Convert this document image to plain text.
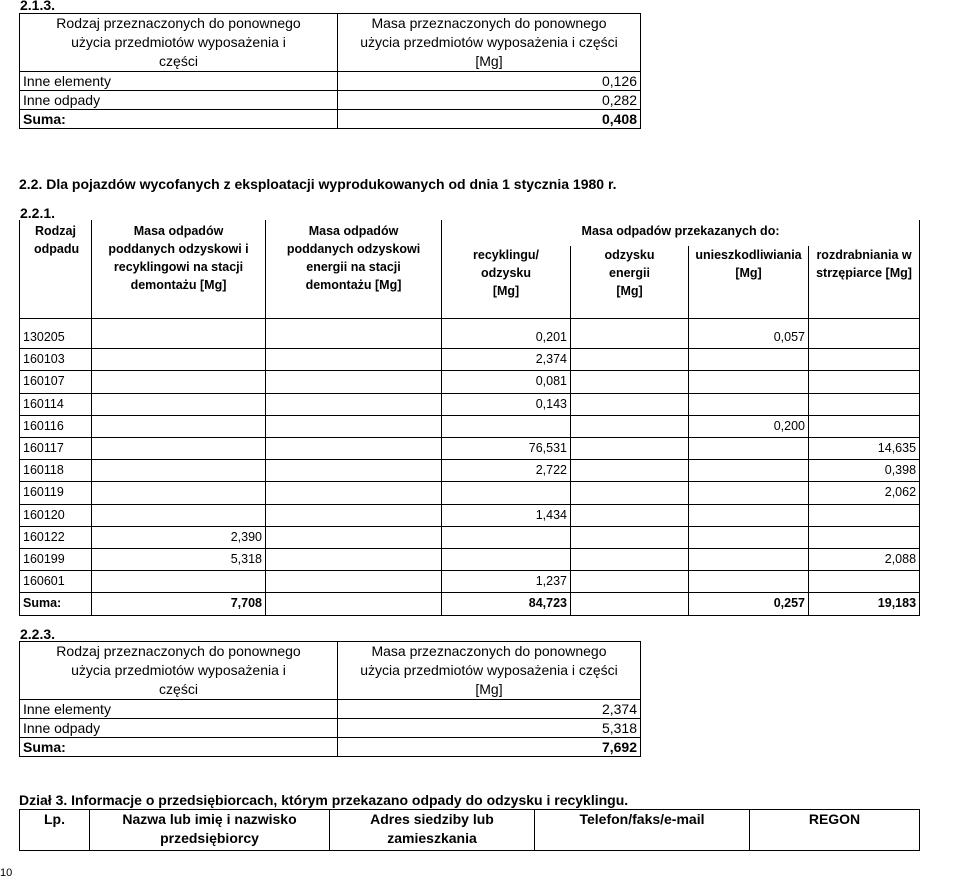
2.1.3.
Rodzaj przeznaczonych do ponownego użycia przedmiotów wyposażenia i części	Masa przeznaczonych do ponownego użycia przedmiotów wyposażenia i części
[Mg]
Inne elementy	0,126
Inne odpady	0,282
Suma:	0,408
2.2. Dla pojazdów wycofanych z eksploatacji wyprodukowanych od dnia 1 stycznia 1980 r.
2.2.1.
Rodzaj odpadu	Masa odpadów poddanych odzyskowi i recyklingowi na stacji demontażu [Mg]	Masa odpadów poddanych odzyskowi energii na stacji demontażu [Mg]	Masa odpadów przekazanych do:			
			recyklingu/ odzysku [Mg]	odzysku energii [Mg]	unieszkodliwiania [Mg]	rozdrabniania w strzępiarce [Mg]
130205			0,201		0,057	
160103			2,374			
160107			0,081			
160114			0,143			
160116					0,200	
160117			76,531			14,635
160118			2,722			0,398
160119						2,062
160120			1,434			
160122	2,390					
160199	5,318					2,088
160601			1,237			
Suma:	7,708		84,723		0,257	19,183
2.2.3.
Rodzaj przeznaczonych do ponownego użycia przedmiotów wyposażenia i części	Masa przeznaczonych do ponownego użycia przedmiotów wyposażenia i części
[Mg]
Inne elementy	2,374
Inne odpady	5,318
Suma:	7,692
Dział 3. Informacje o przedsiębiorcach, którym przekazano odpady do odzysku i recyklingu.
Lp.	Nazwa lub imię i nazwisko przedsiębiorcy	Adres siedziby lub zamieszkania	Telefon/faks/e-mail	REGON
10
